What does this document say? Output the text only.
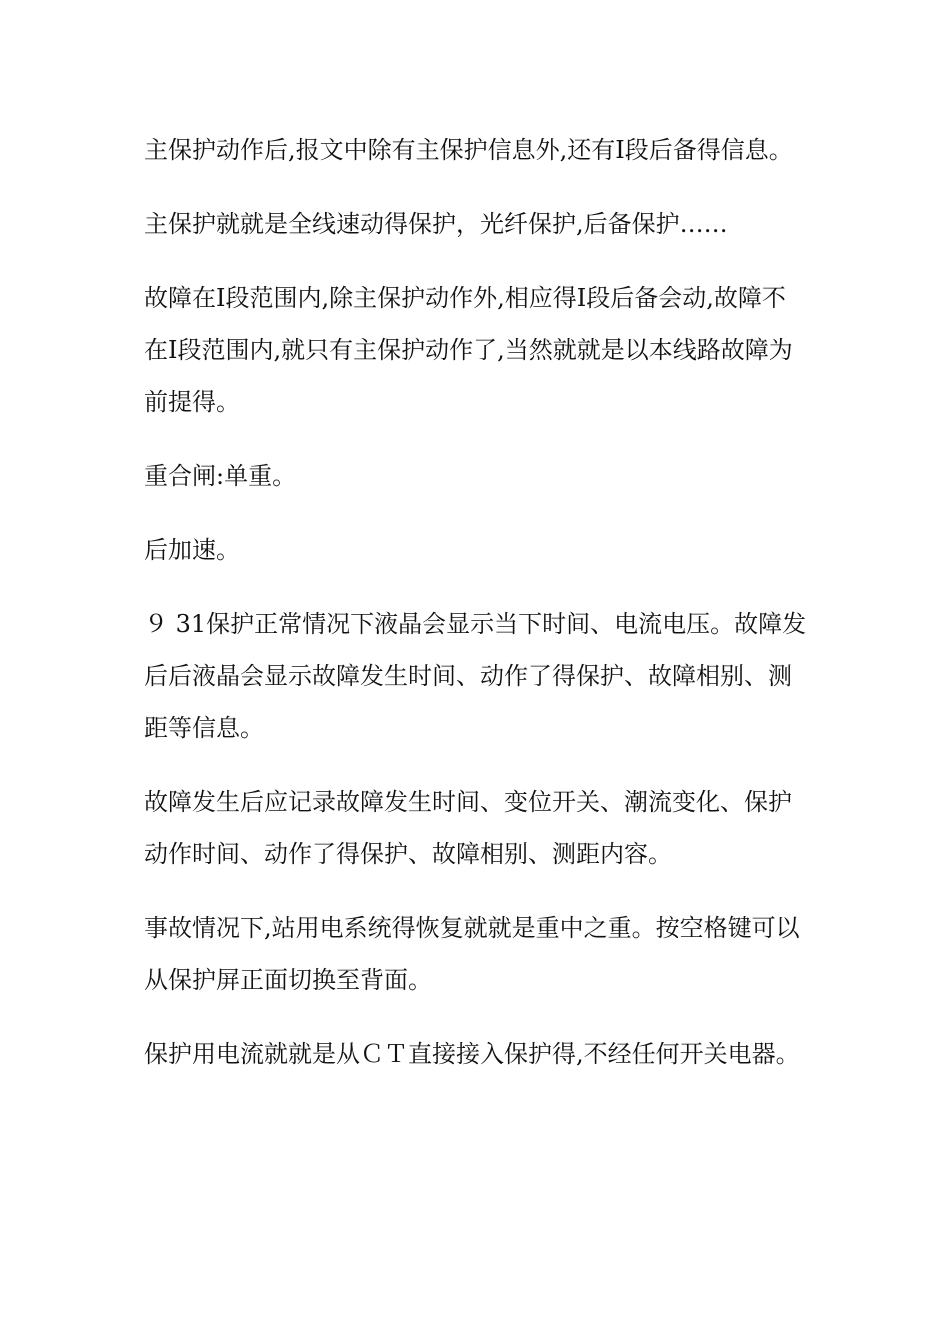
主保护动作后,报文中除有主保护信息外,还有I段后备得信息。

主保护就就是全线速动得保护，光纤保护,后备保护……

故障在I段范围内,除主保护动作外,相应得Ⅰ段后备会动,故障不在I段范围内,就只有主保护动作了,当然就就是以本线路故障为前提得。

重合闸:单重。

后加速。

９ 31保护正常情况下液晶会显示当下时间、电流电压。故障发后后液晶会显示故障发生时间、动作了得保护、故障相别、测距等信息。

故障发生后应记录故障发生时间、变位开关、潮流变化、保护动作时间、动作了得保护、故障相别、测距内容。

事故情况下,站用电系统得恢复就就是重中之重。按空格键可以从保护屏正面切换至背面。

保护用电流就就是从ＣＴ直接接入保护得,不经任何开关电器。
